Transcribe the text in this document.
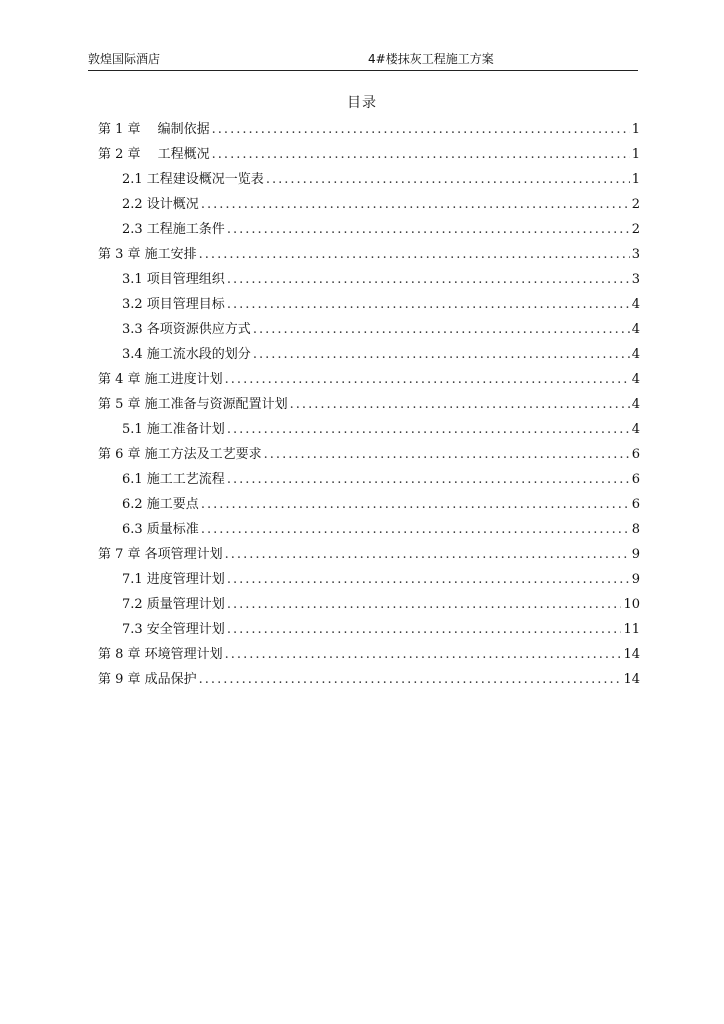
敦煌国际酒店	4#楼抹灰工程施工方案
目录
第 1 章　 编制依据 .....	1
第 2 章　 工程概况 .....	1
2.1 工程建设概况一览表 .....	1
2.2 设计概况 .....	2
2.3 工程施工条件 .....	2
第 3 章 施工安排 .....	3
3.1 项目管理组织 .....	3
3.2 项目管理目标 .....	4
3.3 各项资源供应方式 .....	4
3.4 施工流水段的划分 .....	4
第 4 章 施工进度计划 .....	4
第 5 章 施工准备与资源配置计划 .....	4
5.1 施工准备计划 .....	4
第 6 章 施工方法及工艺要求 .....	6
6.1 施工工艺流程 .....	6
6.2 施工要点 .....	6
6.3 质量标准 .....	8
第 7 章 各项管理计划 .....	9
7.1 进度管理计划 .....	9
7.2 质量管理计划 .....	10
7.3 安全管理计划 .....	11
第 8 章 环境管理计划 .....	14
第 9 章 成品保护 .....	14
